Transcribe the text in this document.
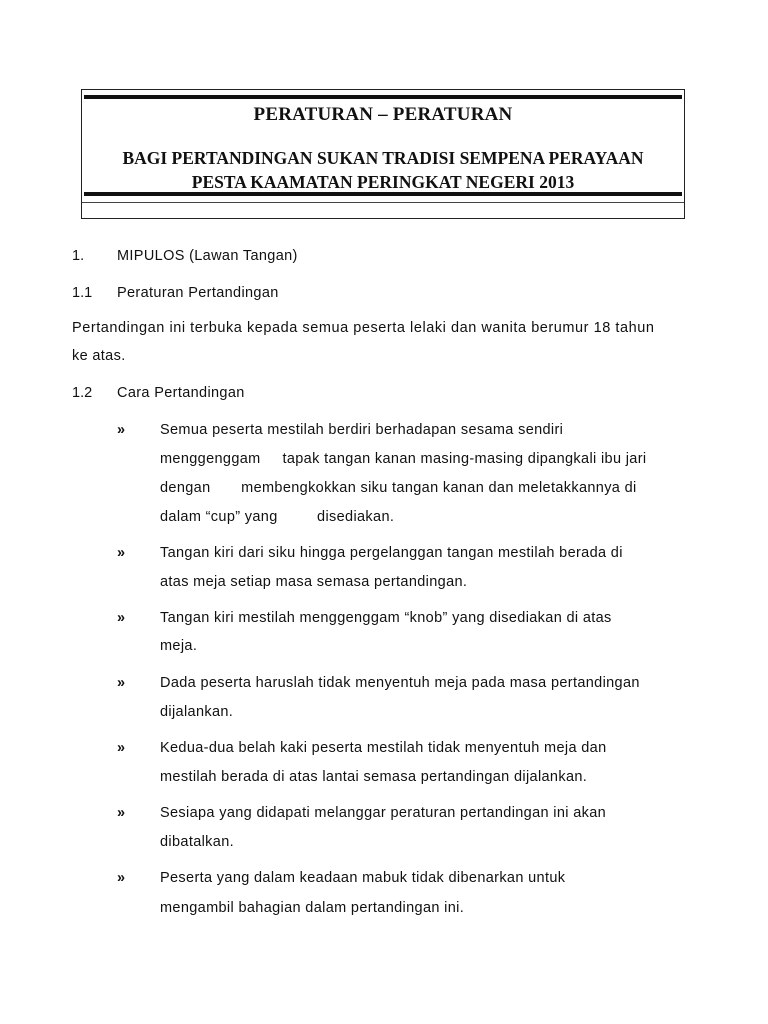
PERATURAN – PERATURAN
BAGI PERTANDINGAN SUKAN TRADISI SEMPENA PERAYAAN
PESTA KAAMATAN PERINGKAT NEGERI 2013
1. MIPULOS (Lawan Tangan)
1.1 Peraturan Pertandingan
Pertandingan ini terbuka kepada semua peserta lelaki dan wanita berumur 18 tahun
ke atas.
1.2 Cara Pertandingan
» Semua peserta mestilah berdiri berhadapan sesama sendiri
menggenggam     tapak tangan kanan masing-masing dipangkali ibu jari
dengan       membengkokkan siku tangan kanan dan meletakkannya di
dalam “cup” yang         disediakan.
» Tangan kiri dari siku hingga pergelanggan tangan mestilah berada di
atas meja setiap masa semasa pertandingan.
» Tangan kiri mestilah menggenggam “knob” yang disediakan di atas
meja.
» Dada peserta haruslah tidak menyentuh meja pada masa pertandingan
dijalankan.
» Kedua-dua belah kaki peserta mestilah tidak menyentuh meja dan
mestilah berada di atas lantai semasa pertandingan dijalankan.
» Sesiapa yang didapati melanggar peraturan pertandingan ini akan
dibatalkan.
» Peserta yang dalam keadaan mabuk tidak dibenarkan untuk
mengambil bahagian dalam pertandingan ini.
